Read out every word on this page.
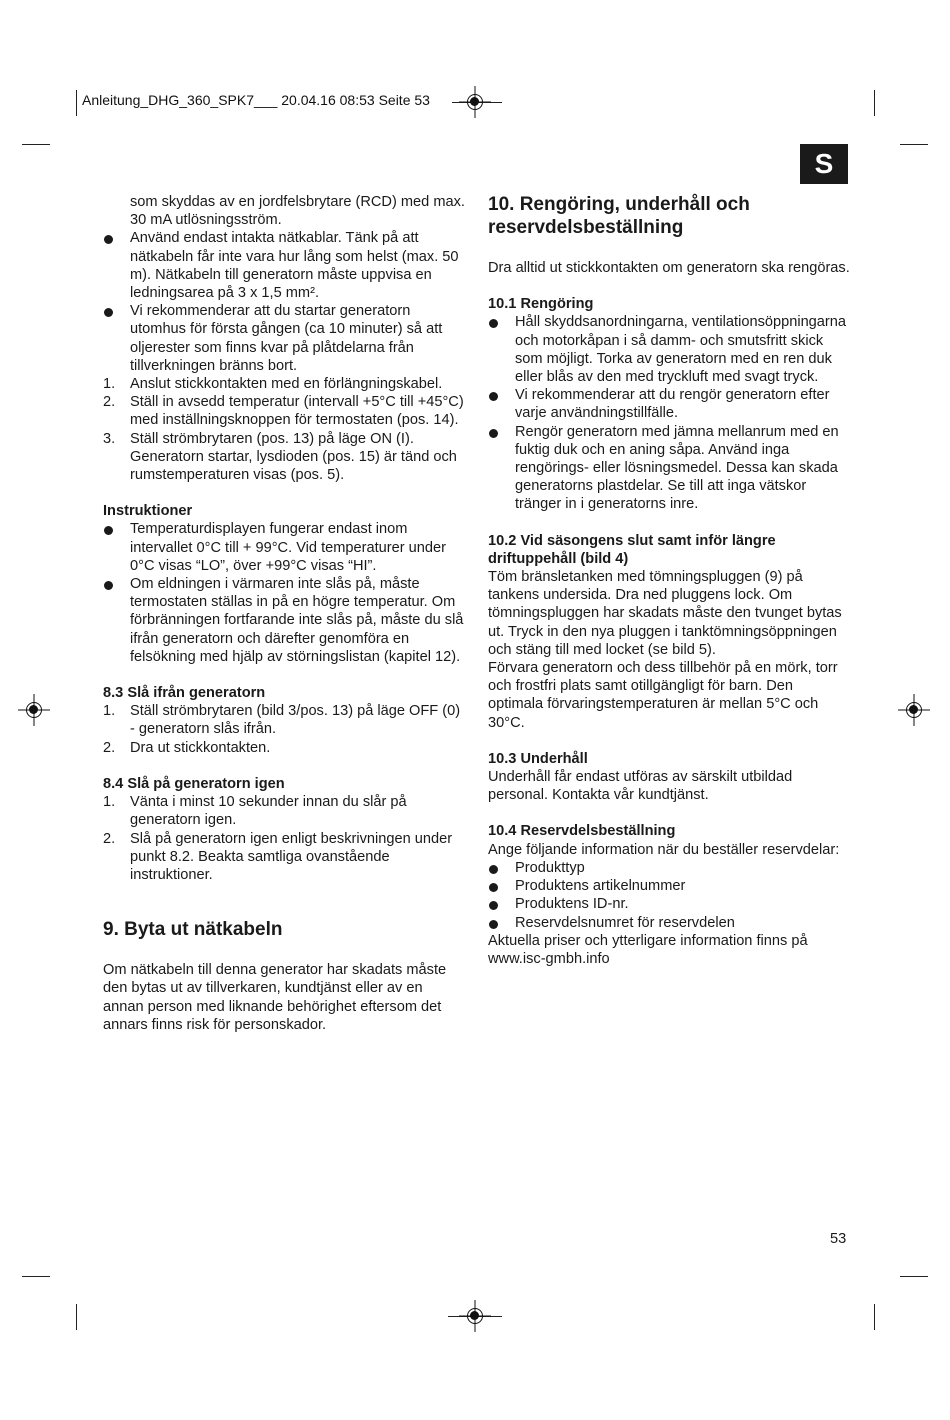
Anleitung_DHG_360_SPK7___ 20.04.16 08:53 Seite 53
S

som skyddas av en jordfelsbrytare (RCD) med max. 30 mA utlösningsström.

Använd endast intakta nätkablar. Tänk på att nätkabeln får inte vara hur lång som helst (max. 50 m). Nätkabeln till generatorn måste uppvisa en ledningsarea på 3 x 1,5 mm².
Vi rekommenderar att du startar generatorn utomhus för första gången (ca 10 minuter) så att oljerester som finns kvar på plåtdelarna från tillverkningen bränns bort.
1.	Anslut stickkontakten med en förlängningskabel.
2.	Ställ in avsedd temperatur (intervall +5°C till +45°C) med inställningsknoppen för termostaten (pos. 14).
3.	Ställ strömbrytaren (pos. 13) på läge ON (I). Generatorn startar, lysdioden (pos. 15) är tänd och rumstemperaturen visas (pos. 5).

Instruktioner

Temperaturdisplayen fungerar endast inom intervallet 0°C till + 99°C. Vid temperaturer under 0°C visas “LO”, över +99°C visas “HI”.
Om eldningen i värmaren inte slås på, måste termostaten ställas in på en högre temperatur. Om förbränningen fortfarande inte slås på, måste du slå ifrån generatorn och därefter genomföra en felsökning med hjälp av störningslistan (kapitel 12).

8.3 Slå ifrån generatorn

1.	Ställ strömbrytaren (bild 3/pos. 13) på läge OFF (0) - generatorn slås ifrån.
2.	Dra ut stickkontakten.

8.4 Slå på generatorn igen

1.	Vänta i minst 10 sekunder innan du slår på generatorn igen.
2.	Slå på generatorn igen enligt beskrivningen under punkt 8.2. Beakta samtliga ovanstående instruktioner.

9. Byta ut nätkabeln

Om nätkabeln till denna generator har skadats måste den bytas ut av tillverkaren, kundtjänst eller av en annan person med liknande behörighet eftersom det annars finns risk för personskador.

10. Rengöring, underhåll och reservdelsbeställning

Dra alltid ut stickkontakten om generatorn ska rengöras.

10.1 Rengöring

Håll skyddsanordningarna, ventilationsöppningarna och motorkåpan i så damm- och smutsfritt skick som möjligt. Torka av generatorn med en ren duk eller blås av den med tryckluft med svagt tryck.
Vi rekommenderar att du rengör generatorn efter varje användningstillfälle.
Rengör generatorn med jämna mellanrum med en fuktig duk och en aning såpa. Använd inga rengörings- eller lösningsmedel. Dessa kan skada generatorns plastdelar. Se till att inga vätskor tränger in i generatorns inre.

10.2 Vid säsongens slut samt inför längre driftuppehåll (bild 4)

Töm bränsletanken med tömningspluggen (9) på tankens undersida. Dra ned pluggens lock. Om tömningspluggen har skadats måste den tvunget bytas ut. Tryck in den nya pluggen i tanktömningsöppningen och stäng till med locket (se bild 5).

Förvara generatorn och dess tillbehör på en mörk, torr och frostfri plats samt otillgängligt för barn. Den optimala förvaringstemperaturen är mellan 5°C och 30°C.

10.3 Underhåll

Underhåll får endast utföras av särskilt utbildad personal. Kontakta vår kundtjänst.

10.4 Reservdelsbeställning

Ange följande information när du beställer reservdelar:

Produkttyp
Produktens artikelnummer
Produktens ID-nr.
Reservdelsnumret för reservdelen

Aktuella priser och ytterligare information finns på www.isc-gmbh.info

53
